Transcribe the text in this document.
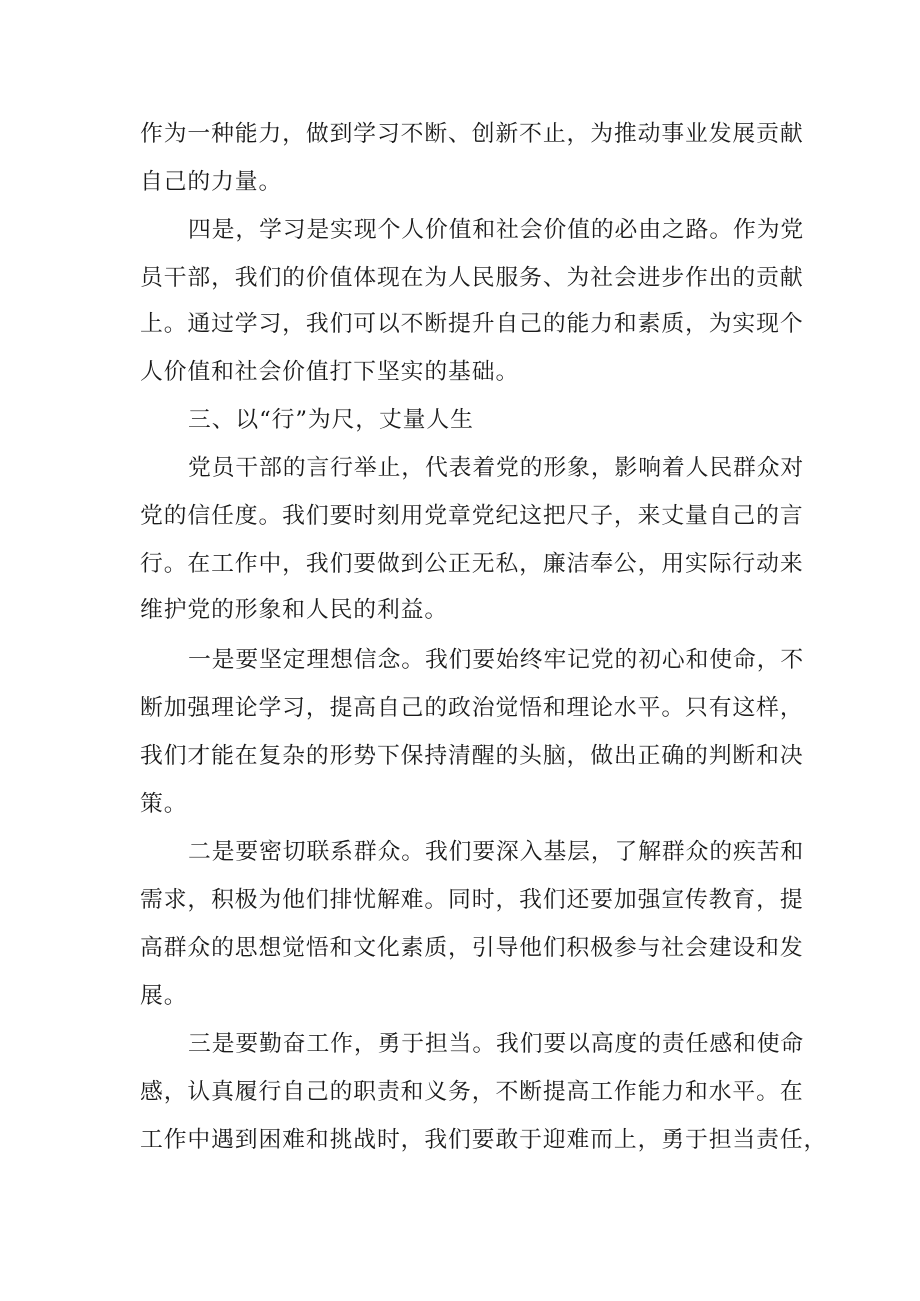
作为一种能力，做到学习不断、创新不止，为推动事业发展贡献
自己的力量。
四是，学习是实现个人价值和社会价值的必由之路。作为党
员干部，我们的价值体现在为人民服务、为社会进步作出的贡献
上。通过学习，我们可以不断提升自己的能力和素质，为实现个
人价值和社会价值打下坚实的基础。
三、以“行”为尺，丈量人生
党员干部的言行举止，代表着党的形象，影响着人民群众对
党的信任度。我们要时刻用党章党纪这把尺子，来丈量自己的言
行。在工作中，我们要做到公正无私，廉洁奉公，用实际行动来
维护党的形象和人民的利益。
一是要坚定理想信念。我们要始终牢记党的初心和使命，不
断加强理论学习，提高自己的政治觉悟和理论水平。只有这样，
我们才能在复杂的形势下保持清醒的头脑，做出正确的判断和决
策。
二是要密切联系群众。我们要深入基层，了解群众的疾苦和
需求，积极为他们排忧解难。同时，我们还要加强宣传教育，提
高群众的思想觉悟和文化素质，引导他们积极参与社会建设和发
展。
三是要勤奋工作，勇于担当。我们要以高度的责任感和使命
感，认真履行自己的职责和义务，不断提高工作能力和水平。在
工作中遇到困难和挑战时，我们要敢于迎难而上，勇于担当责任，
